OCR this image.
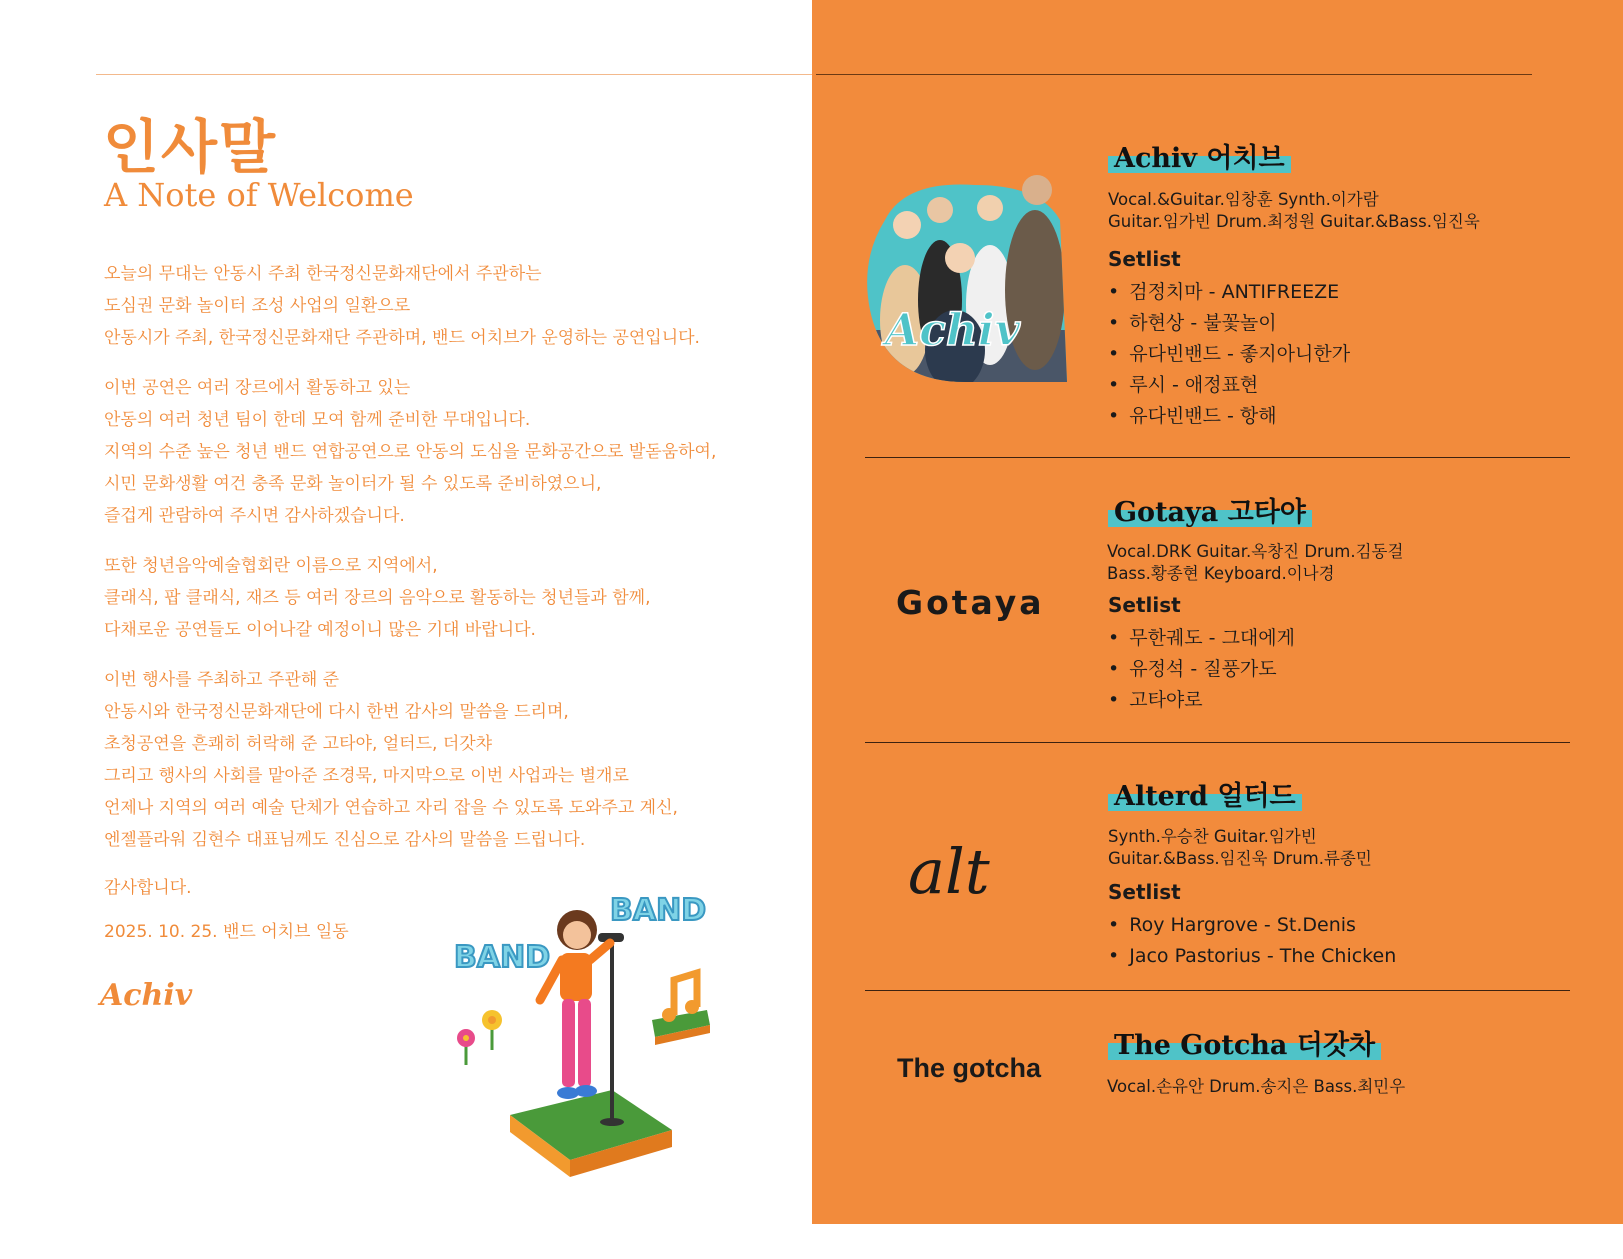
인사말
A Note of Welcome
오늘의 무대는 안동시 주최 한국정신문화재단에서 주관하는
도심권 문화 놀이터 조성 사업의 일환으로
안동시가 주최, 한국정신문화재단 주관하며, 밴드 어치브가 운영하는 공연입니다.
이번 공연은 여러 장르에서 활동하고 있는
안동의 여러 청년 팀이 한데 모여 함께 준비한 무대입니다.
지역의 수준 높은 청년 밴드 연합공연으로 안동의 도심을 문화공간으로 발돋움하여,
시민 문화생활 여건 충족 문화 놀이터가 될 수 있도록 준비하였으니,
즐겁게 관람하여 주시면 감사하겠습니다.
또한 청년음악예술협회란 이름으로 지역에서,
클래식, 팝 클래식, 재즈 등 여러 장르의 음악으로 활동하는 청년들과 함께,
다채로운 공연들도 이어나갈 예정이니 많은 기대 바랍니다.
이번 행사를 주최하고 주관해 준
안동시와 한국정신문화재단에 다시 한번 감사의 말씀을 드리며,
초청공연을 흔쾌히 허락해 준 고타야, 얼터드, 더갓챠
그리고 행사의 사회를 맡아준 조경묵, 마지막으로 이번 사업과는 별개로
언제나 지역의 여러 예술 단체가 연습하고 자리 잡을 수 있도록 도와주고 계신,
엔젤플라워 김현수 대표님께도 진심으로 감사의 말씀을 드립니다.
감사합니다.
2025. 10. 25. 밴드 어치브 일동
Achiv
BAND
BAND
Achiv
Achiv 어치브
Vocal.&Guitar.임창훈 Synth.이가람
Guitar.임가빈 Drum.최정원 Guitar.&Bass.임진욱
Setlist
• 검정치마 - ANTIFREEZE
• 하현상 - 불꽃놀이
• 유다빈밴드 - 좋지아니한가
• 루시 - 애정표현
• 유다빈밴드 - 항해
Gotaya
Gotaya 고타야
Vocal.DRK Guitar.옥창진 Drum.김동걸
Bass.황종현 Keyboard.이나경
Setlist
• 무한궤도 - 그대에게
• 유정석 - 질풍가도
• 고타야로
alt
Alterd 얼터드
Synth.우승찬 Guitar.임가빈
Guitar.&Bass.임진욱 Drum.류종민
Setlist
• Roy Hargrove - St.Denis
• Jaco Pastorius - The Chicken
The gotcha
The Gotcha 더갓차
Vocal.손유안 Drum.송지은 Bass.최민우
